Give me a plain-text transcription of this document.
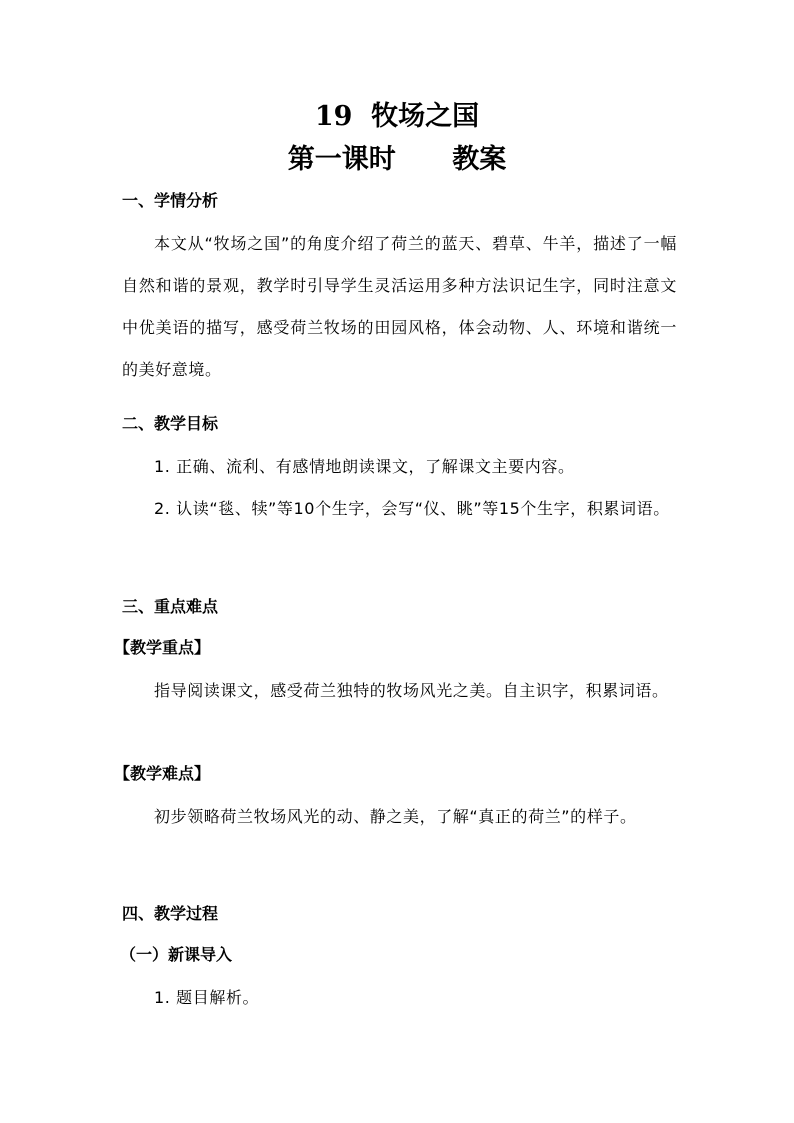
19  牧场之国
第一课时      教案
一、学情分析
本文从“牧场之国”的角度介绍了荷兰的蓝天、碧草、牛羊，描述了一幅自然和谐的景观，教学时引导学生灵活运用多种方法识记生字，同时注意文中优美语的描写，感受荷兰牧场的田园风格，体会动物、人、环境和谐统一的美好意境。
二、教学目标
1. 正确、流利、有感情地朗读课文，了解课文主要内容。
2. 认读“毯、犊”等10个生字，会写“仪、眺”等15个生字，积累词语。
三、重点难点
【教学重点】
指导阅读课文，感受荷兰独特的牧场风光之美。自主识字，积累词语。
【教学难点】
初步领略荷兰牧场风光的动、静之美，了解“真正的荷兰”的样子。
四、教学过程
（一）新课导入
1. 题目解析。
